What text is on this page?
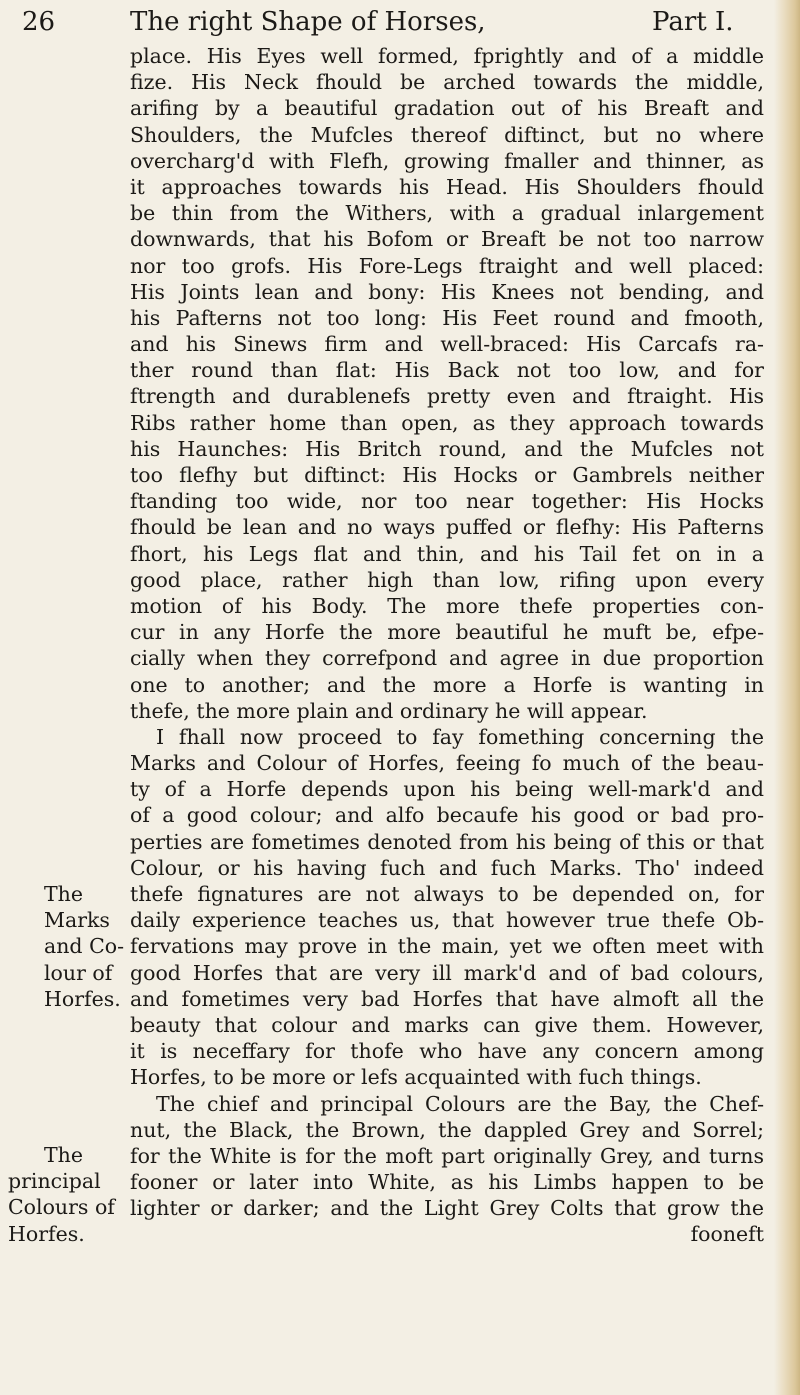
26	The right Shape of Horses,	Part I.
The
Marks
and Co-
lour of
Horfes.
The
principal
Colours of
Horfes.
place. His Eyes well formed, fprightly and of a middle
fize. His Neck fhould be arched towards the middle,
arifing by a beautiful gradation out of his Breaft and
Shoulders, the Mufcles thereof diftinct, but no where
overcharg'd with Flefh, growing fmaller and thinner, as
it approaches towards his Head. His Shoulders fhould
be thin from the Withers, with a gradual inlargement
downwards, that his Bofom or Breaft be not too narrow
nor too grofs. His Fore-Legs ftraight and well placed:
His Joints lean and bony: His Knees not bending, and
his Pafterns not too long: His Feet round and fmooth,
and his Sinews firm and well-braced: His Carcafs ra-
ther round than flat: His Back not too low, and for
ftrength and durablenefs pretty even and ftraight. His
Ribs rather home than open, as they approach towards
his Haunches: His Britch round, and the Mufcles not
too flefhy but diftinct: His Hocks or Gambrels neither
ftanding too wide, nor too near together: His Hocks
fhould be lean and no ways puffed or flefhy: His Pafterns
fhort, his Legs flat and thin, and his Tail fet on in a
good place, rather high than low, rifing upon every
motion of his Body. The more thefe properties con-
cur in any Horfe the more beautiful he muft be, efpe-
cially when they correfpond and agree in due proportion
one to another; and the more a Horfe is wanting in
thefe, the more plain and ordinary he will appear.
I fhall now proceed to fay fomething concerning the
Marks and Colour of Horfes, feeing fo much of the beau-
ty of a Horfe depends upon his being well-mark'd and
of a good colour; and alfo becaufe his good or bad pro-
perties are fometimes denoted from his being of this or that
Colour, or his having fuch and fuch Marks. Tho' indeed
thefe fignatures are not always to be depended on, for
daily experience teaches us, that however true thefe Ob-
fervations may prove in the main, yet we often meet with
good Horfes that are very ill mark'd and of bad colours,
and fometimes very bad Horfes that have almoft all the
beauty that colour and marks can give them. However,
it is neceffary for thofe who have any concern among
Horfes, to be more or lefs acquainted with fuch things.
The chief and principal Colours are the Bay, the Chef-
nut, the Black, the Brown, the dappled Grey and Sorrel;
for the White is for the moft part originally Grey, and turns
fooner or later into White, as his Limbs happen to be
lighter or darker; and the Light Grey Colts that grow the
fooneft
